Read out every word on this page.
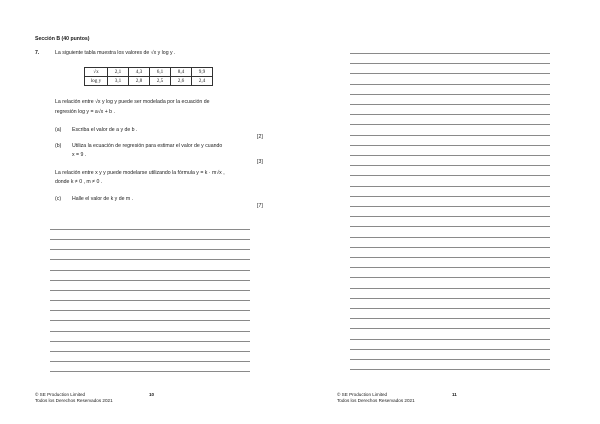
Sección B (40 puntos)
7.	La siguiente tabla muestra los valores de √x y log y .
√x	2,1	4,3	6,1	8,4	9,9
log y	3,1	2,8	2,5	2,6	2,4
La relación entre √x y log y puede ser modelada por la ecuación de
regresión log y = a√x + b .
(a) Escriba el valor de a y de b .
[2]
(b) Utiliza la ecuación de regresión para estimar el valor de y cuando
x = 9 .
[3]
La relación entre x y y puede modelarse utilizando la fórmula y = k · m√x ,
donde k ≠ 0 , m ≠ 0 .
(c) Halle el valor de k y de m .
[7]
© SE Production Limited
Todos los Derechos Reservados 2021
10	© SE Production Limited
Todos los Derechos Reservados 2021
11
